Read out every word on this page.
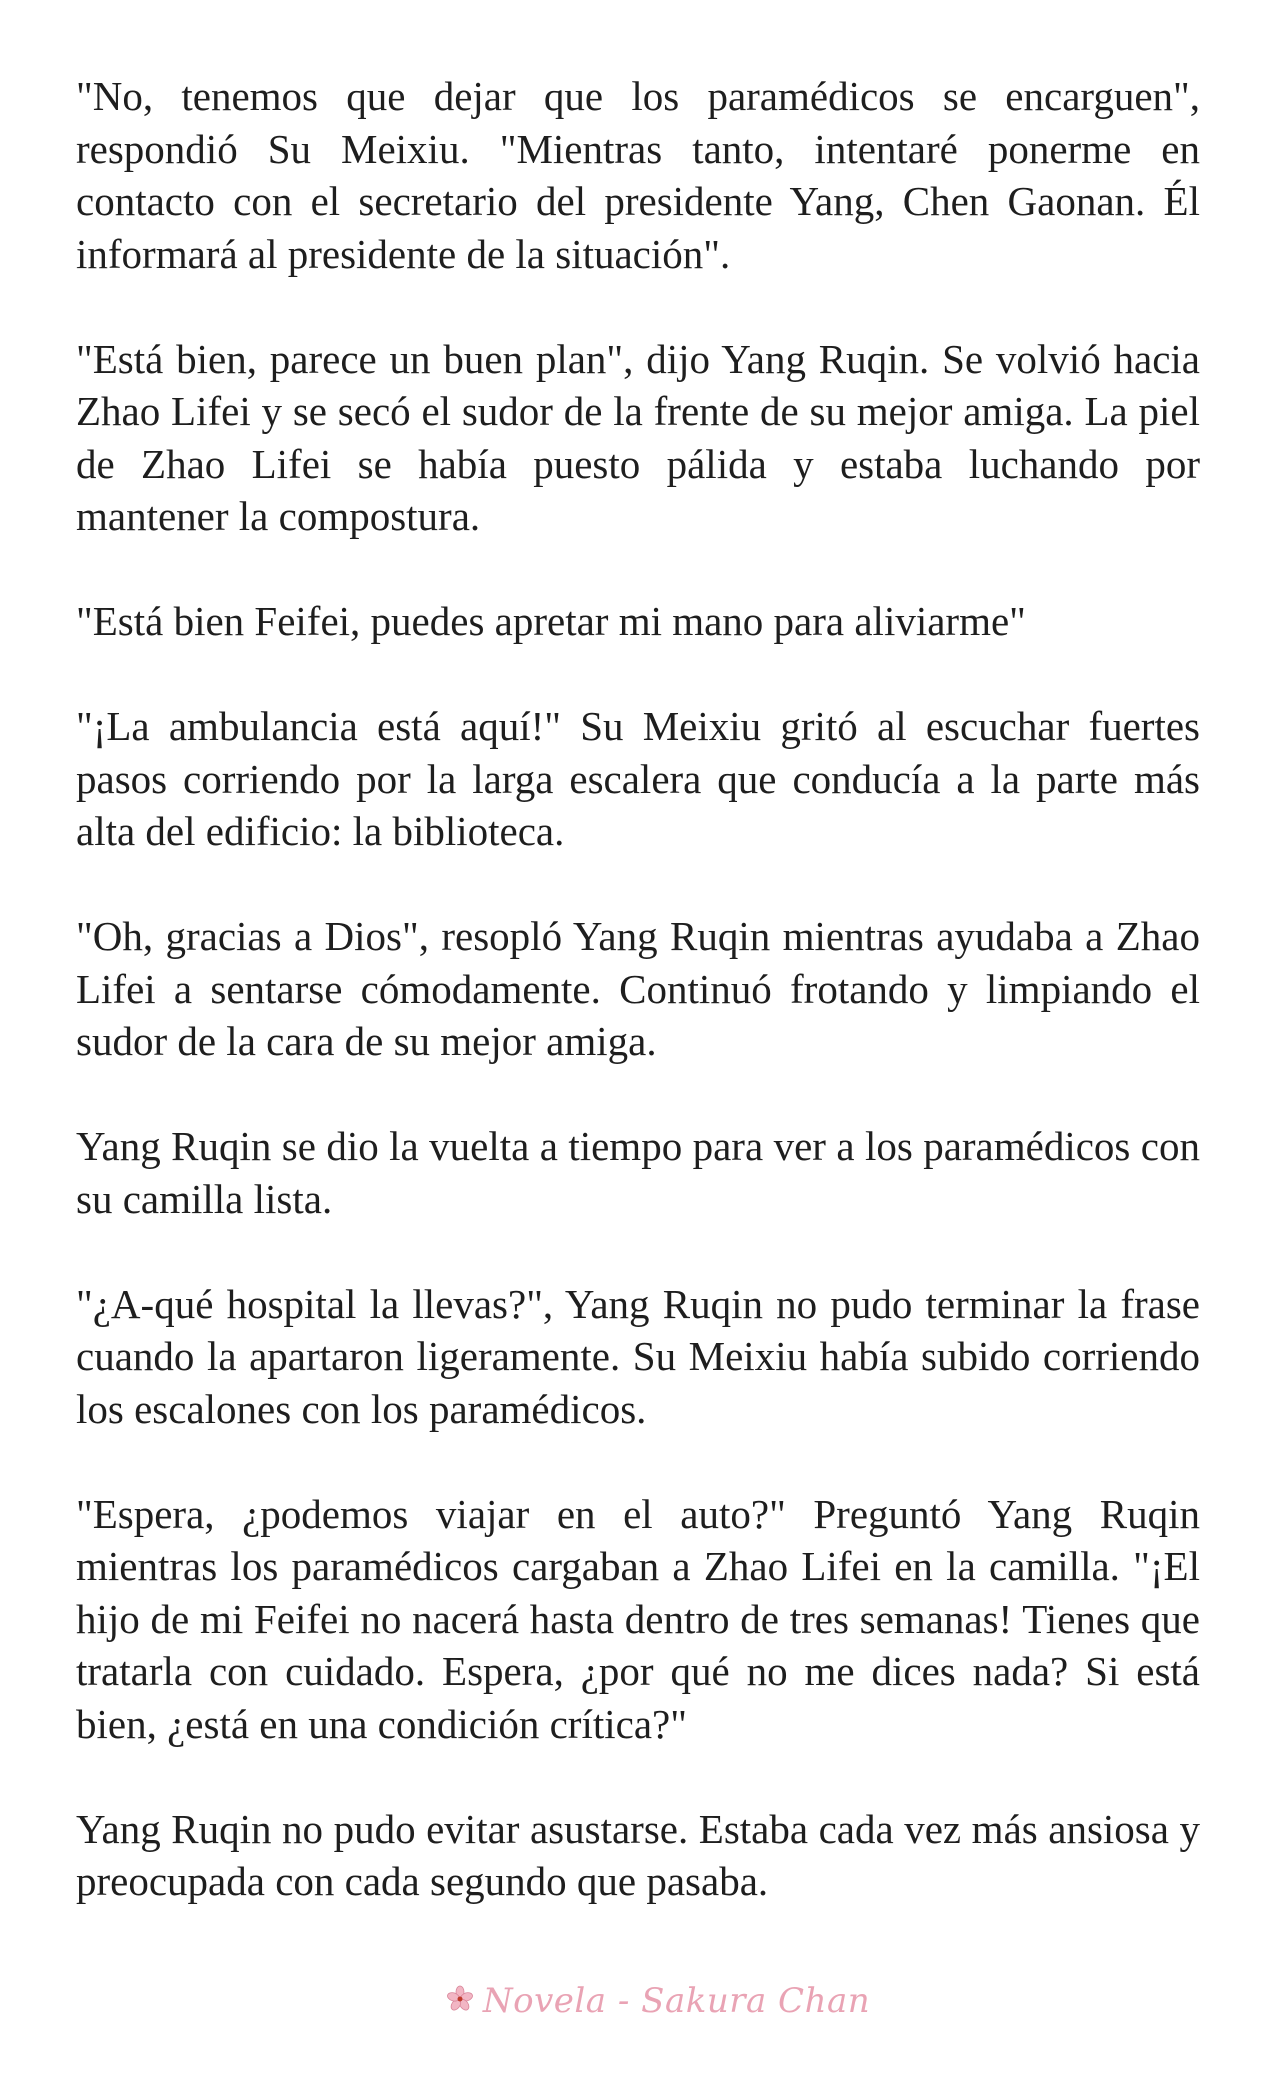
"No, tenemos que dejar que los paramédicos se encarguen", respondió Su Meixiu. "Mientras tanto, intentaré ponerme en contacto con el secretario del presidente Yang, Chen Gaonan. Él informará al presidente de la situación".

"Está bien, parece un buen plan", dijo Yang Ruqin. Se volvió hacia Zhao Lifei y se secó el sudor de la frente de su mejor amiga. La piel de Zhao Lifei se había puesto pálida y estaba luchando por mantener la compostura.

"Está bien Feifei, puedes apretar mi mano para aliviarme"

"¡La ambulancia está aquí!" Su Meixiu gritó al escuchar fuertes pasos corriendo por la larga escalera que conducía a la parte más alta del edificio: la biblioteca.

"Oh, gracias a Dios", resopló Yang Ruqin mientras ayudaba a Zhao Lifei a sentarse cómodamente. Continuó frotando y limpiando el sudor de la cara de su mejor amiga.

Yang Ruqin se dio la vuelta a tiempo para ver a los paramédicos con su camilla lista.

"¿A-qué hospital la llevas?", Yang Ruqin no pudo terminar la frase cuando la apartaron ligeramente. Su Meixiu había subido corriendo los escalones con los paramédicos.

"Espera, ¿podemos viajar en el auto?" Preguntó Yang Ruqin mientras los paramédicos cargaban a Zhao Lifei en la camilla. "¡El hijo de mi Feifei no nacerá hasta dentro de tres semanas! Tienes que tratarla con cuidado. Espera, ¿por qué no me dices nada? Si está bien, ¿está en una condición crítica?"

Yang Ruqin no pudo evitar asustarse. Estaba cada vez más ansiosa y preocupada con cada segundo que pasaba.

Novela - Sakura Chan
